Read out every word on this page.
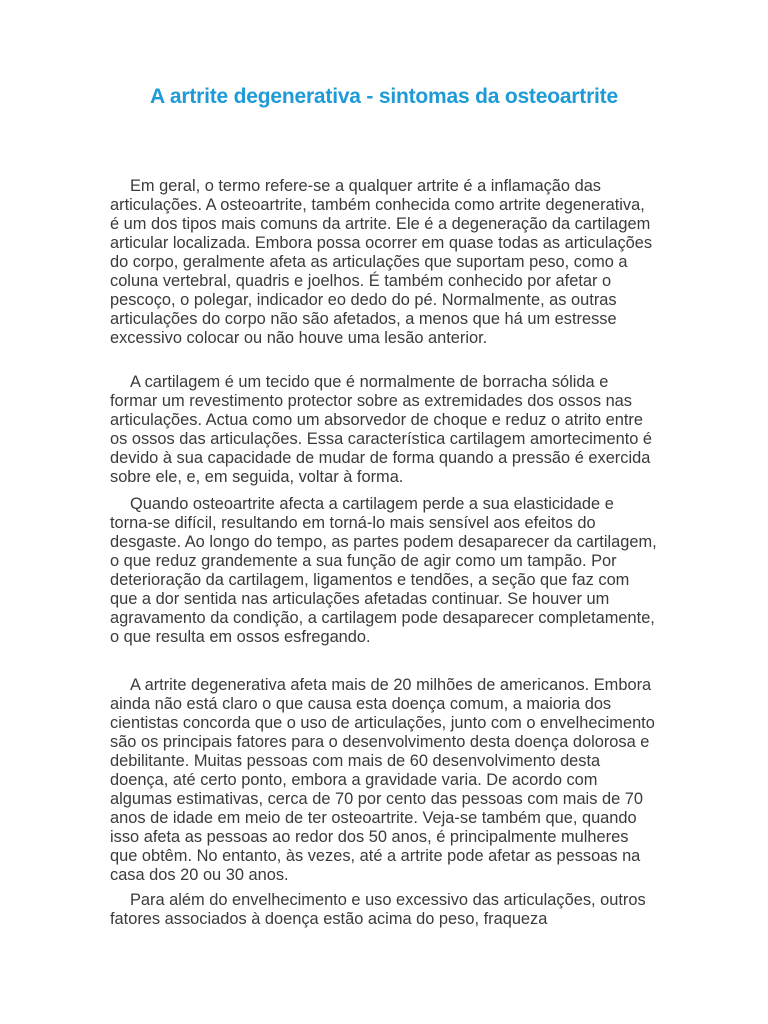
A artrite degenerativa - sintomas da osteoartrite

Em geral, o termo refere-se a qualquer artrite é a inflamação das articulações. A osteoartrite, também conhecida como artrite degenerativa, é um dos tipos mais comuns da artrite. Ele é a degeneração da cartilagem articular localizada. Embora possa ocorrer em quase todas as articulações do corpo, geralmente afeta as articulações que suportam peso, como a coluna vertebral, quadris e joelhos. É também conhecido por afetar o pescoço, o polegar, indicador eo dedo do pé. Normalmente, as outras articulações do corpo não são afetados, a menos que há um estresse excessivo colocar ou não houve uma lesão anterior.

A cartilagem é um tecido que é normalmente de borracha sólida e formar um revestimento protector sobre as extremidades dos ossos nas articulações. Actua como um absorvedor de choque e reduz o atrito entre os ossos das articulações. Essa característica cartilagem amortecimento é devido à sua capacidade de mudar de forma quando a pressão é exercida sobre ele, e, em seguida, voltar à forma.

Quando osteoartrite afecta a cartilagem perde a sua elasticidade e torna-se difícil, resultando em torná-lo mais sensível aos efeitos do desgaste. Ao longo do tempo, as partes podem desaparecer da cartilagem, o que reduz grandemente a sua função de agir como um tampão. Por deterioração da cartilagem, ligamentos e tendões, a seção que faz com que a dor sentida nas articulações afetadas continuar. Se houver um agravamento da condição, a cartilagem pode desaparecer completamente, o que resulta em ossos esfregando.

A artrite degenerativa afeta mais de 20 milhões de americanos. Embora ainda não está claro o que causa esta doença comum, a maioria dos cientistas concorda que o uso de articulações, junto com o envelhecimento são os principais fatores para o desenvolvimento desta doença dolorosa e debilitante. Muitas pessoas com mais de 60 desenvolvimento desta doença, até certo ponto, embora a gravidade varia. De acordo com algumas estimativas, cerca de 70 por cento das pessoas com mais de 70 anos de idade em meio de ter osteoartrite. Veja-se também que, quando isso afeta as pessoas ao redor dos 50 anos, é principalmente mulheres que obtêm. No entanto, às vezes, até a artrite pode afetar as pessoas na casa dos 20 ou 30 anos.

Para além do envelhecimento e uso excessivo das articulações, outros fatores associados à doença estão acima do peso, fraqueza
